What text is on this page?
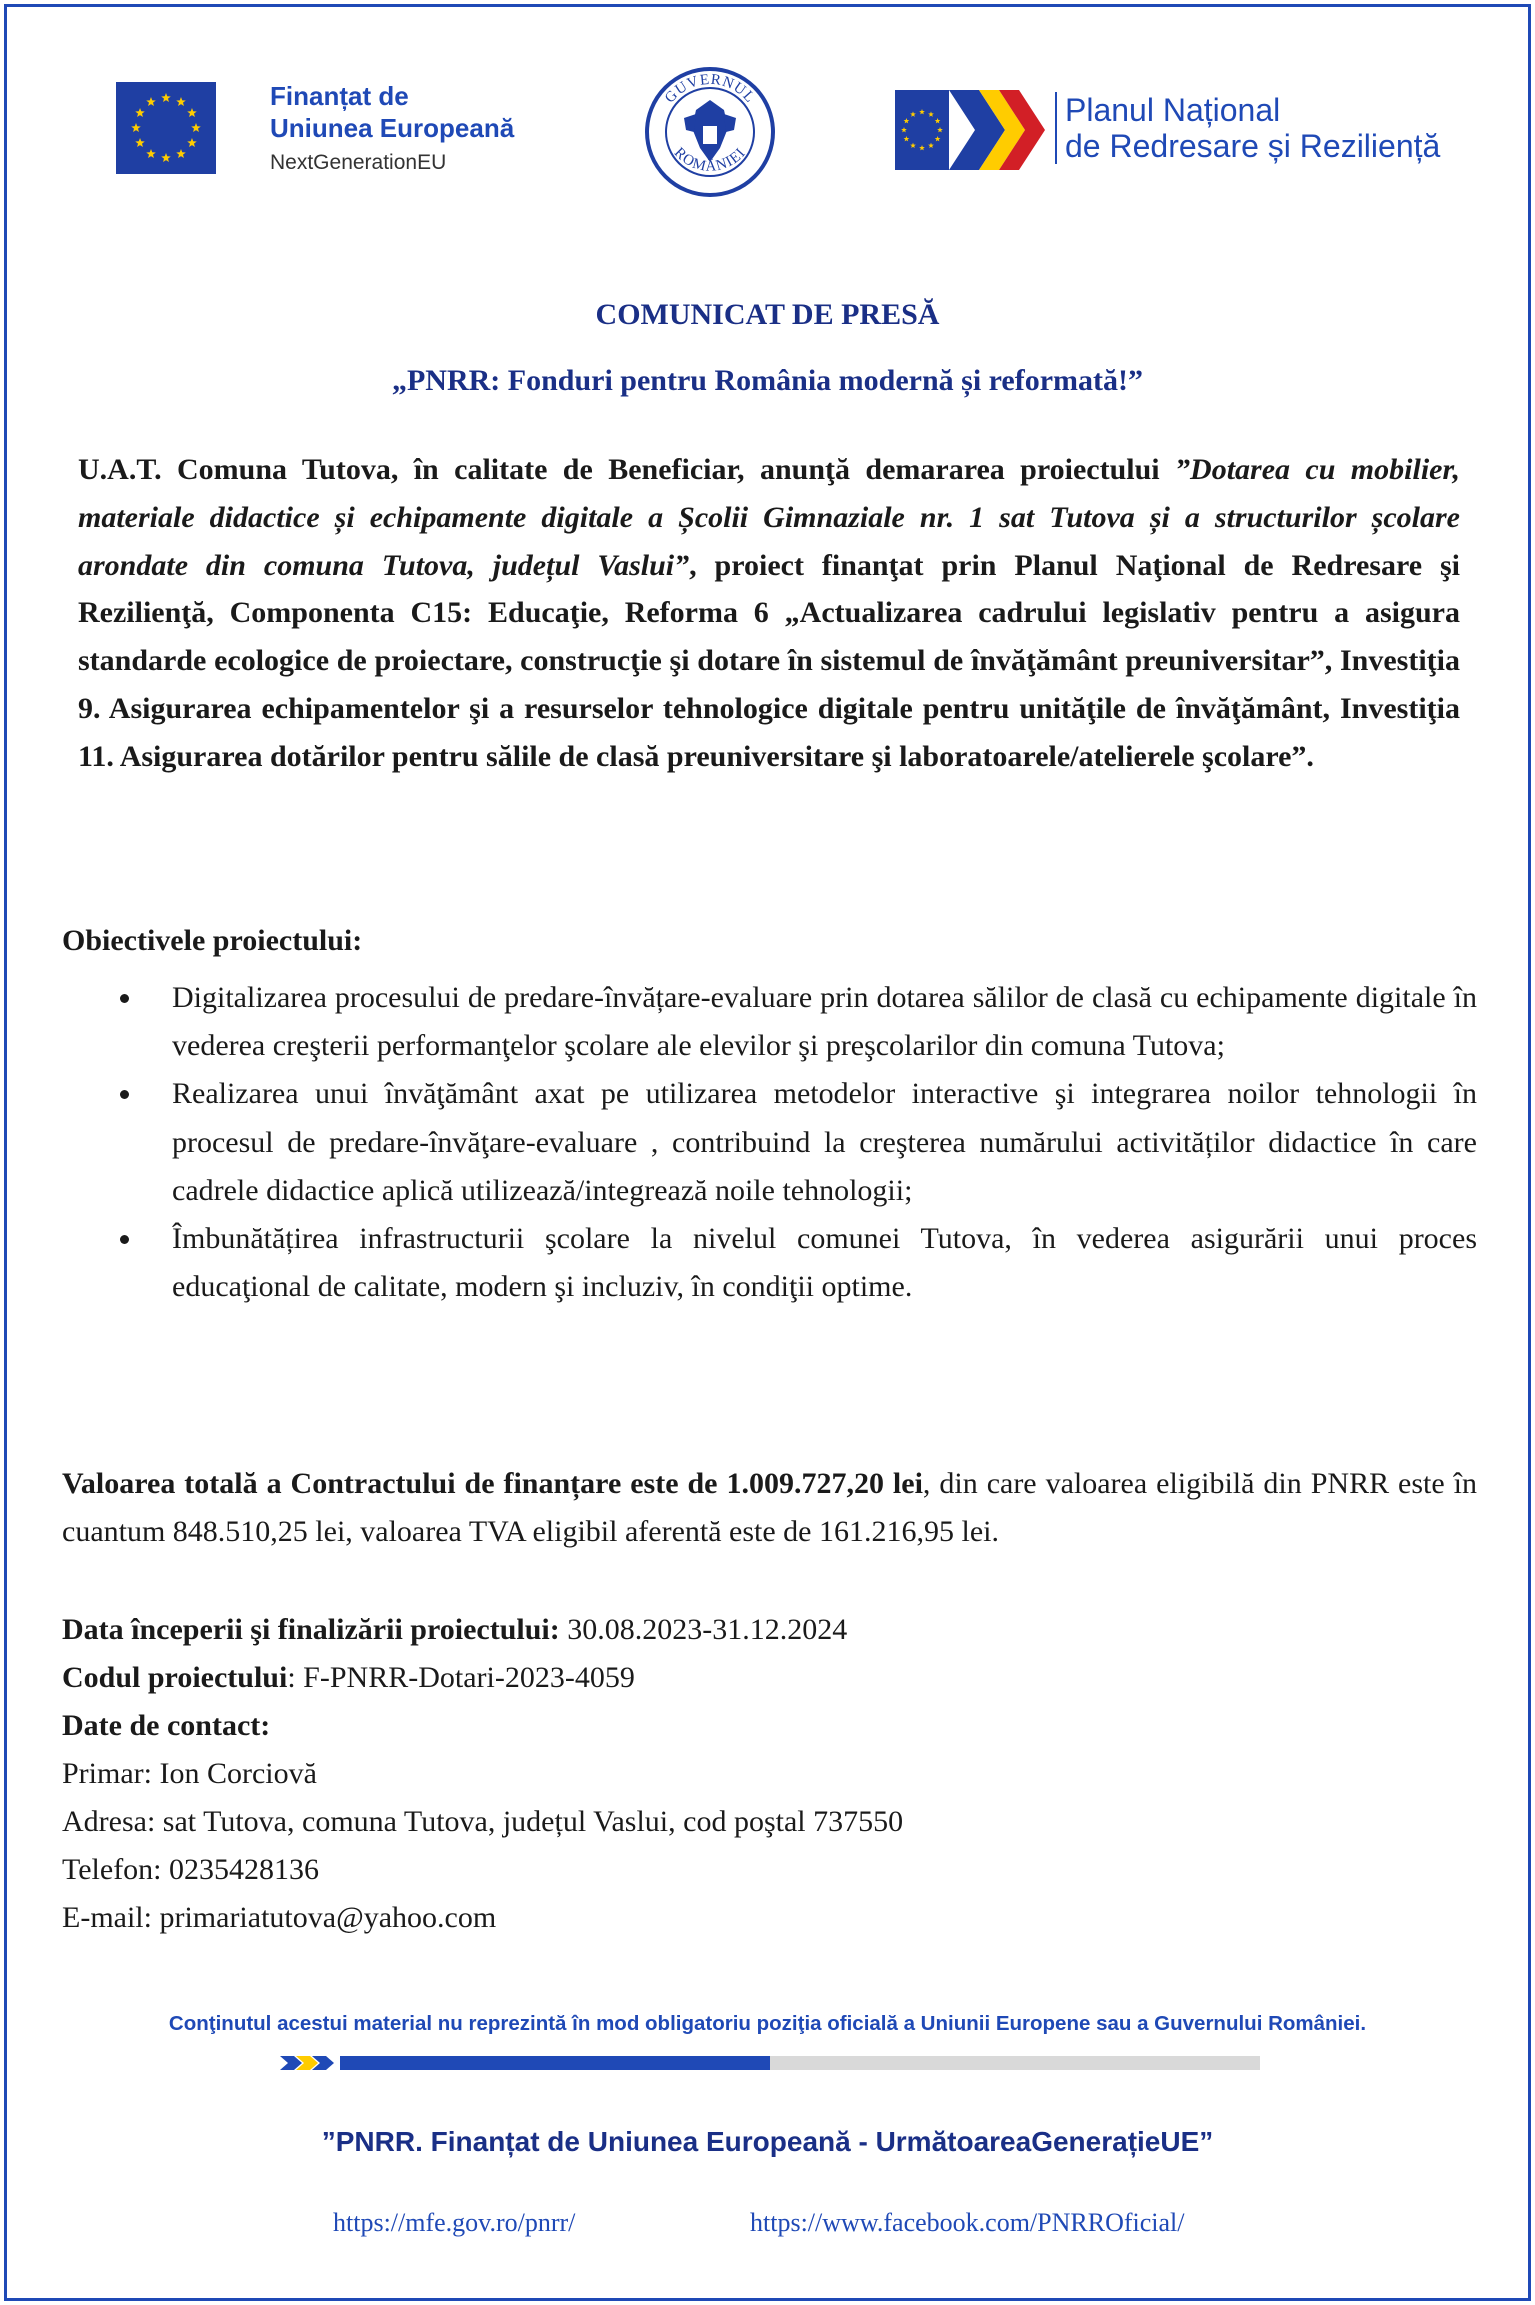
Finanțat de
Uniunea Europeană
NextGenerationEU
GUVERNUL
ROMÂNIEI
Planul Național
de Redresare și Reziliență
COMUNICAT DE PRESĂ
„PNRR: Fonduri pentru România modernă și reformată!”
U.A.T. Comuna Tutova, în calitate de Beneficiar, anunţă demararea proiectului ”Dotarea cu mobilier, materiale didactice și echipamente digitale a Școlii Gimnaziale nr. 1 sat Tutova și a structurilor școlare arondate din comuna Tutova, județul Vaslui”, proiect finanţat prin Planul Naţional de Redresare şi Rezilienţă, Componenta C15: Educaţie, Reforma 6 „Actualizarea cadrului legislativ pentru a asigura standarde ecologice de proiectare, construcţie şi dotare în sistemul de învăţământ preuniversitar”, Investiţia 9. Asigurarea echipamentelor şi a resurselor tehnologice digitale pentru unităţile de învăţământ, Investiţia 11. Asigurarea dotărilor pentru sălile de clasă preuniversitare şi laboratoarele/atelierele şcolare”.
Obiectivele proiectului:
Digitalizarea procesului de predare-învățare-evaluare prin dotarea sălilor de clasă cu echipamente digitale în vederea creşterii performanţelor şcolare ale elevilor şi preşcolarilor din comuna Tutova;
Realizarea unui învăţământ axat pe utilizarea metodelor interactive şi integrarea noilor tehnologii în procesul de predare-învăţare-evaluare , contribuind la creşterea numărului activităților didactice în care cadrele didactice aplică utilizează/integrează noile tehnologii;
Îmbunătățirea infrastructurii şcolare la nivelul comunei Tutova, în vederea asigurării unui proces educaţional de calitate, modern şi incluziv, în condiţii optime.
Valoarea totală a Contractului de finanțare este de 1.009.727,20 lei, din care valoarea eligibilă din PNRR este în cuantum 848.510,25 lei, valoarea TVA eligibil aferentă este de 161.216,95 lei.
Data începerii şi finalizării proiectului: 30.08.2023-31.12.2024
Codul proiectului: F-PNRR-Dotari-2023-4059
Date de contact:
Primar: Ion Corciovă
Adresa: sat Tutova, comuna Tutova, județul Vaslui, cod poştal 737550
Telefon: 0235428136
E-mail: primariatutova@yahoo.com
Conţinutul acestui material nu reprezintă în mod obligatoriu poziţia oficială a Uniunii Europene sau a Guvernului României.
”PNRR. Finanțat de Uniunea Europeană - UrmătoareaGenerațieUE”
https://mfe.gov.ro/pnrr/	https://www.facebook.com/PNRROficial/
